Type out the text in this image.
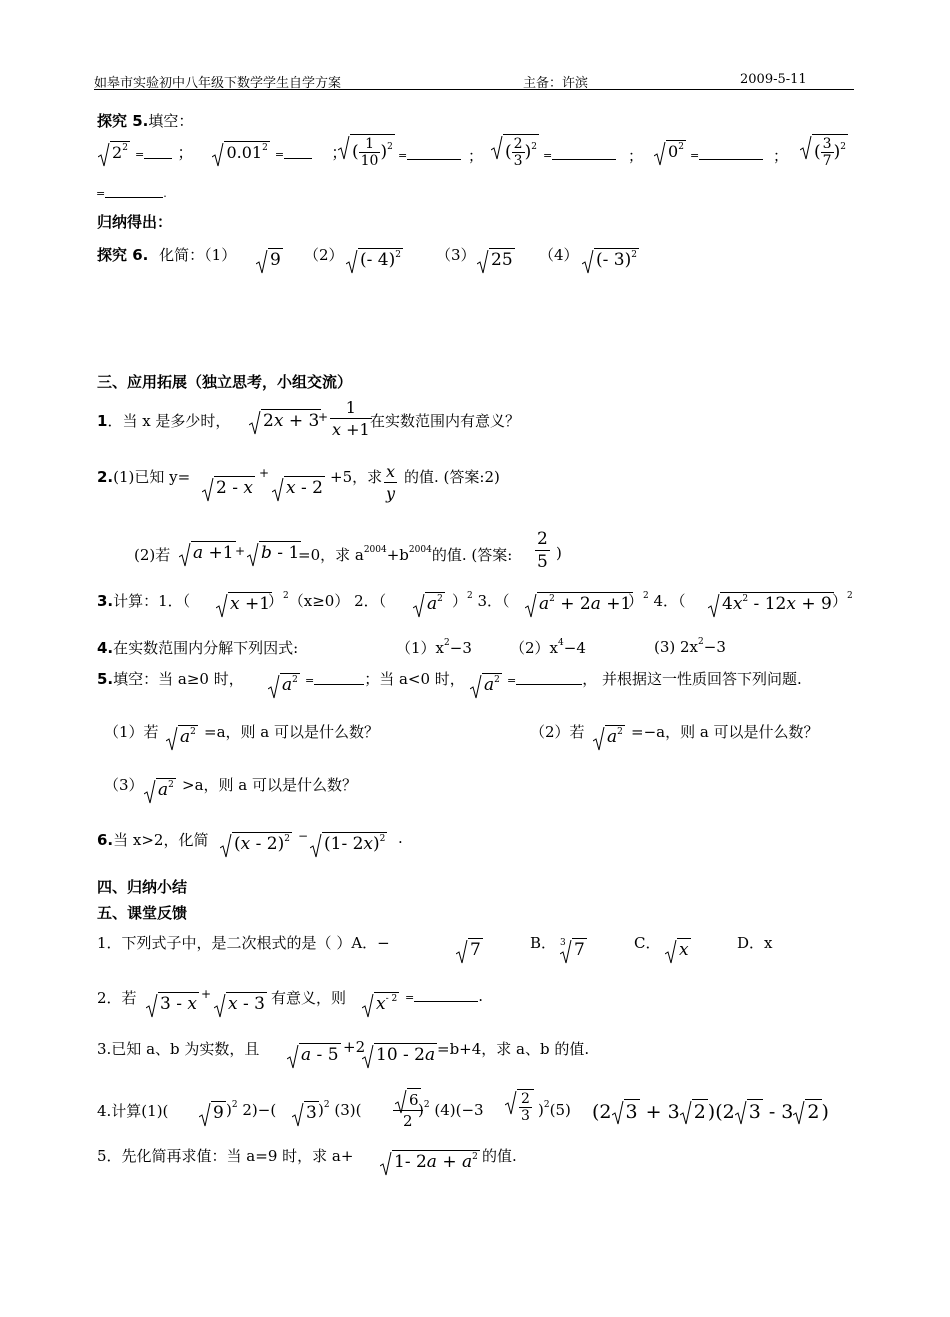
如皋市实验初中八年级下数学学生自学方案	主备：许滨	2009-5-11
探究 5.填空：
$2^2$ = ； $0.01^2$ =	； ( $\frac{1}{10} )^2$
=	；	( $\frac{2}{3} )^2$
=	；	$0^2$
=	；	( $\frac{3}{7} )^2$
=	.
归纳得出：
探究 6. 化简：（1）	9 （2） (- 4)$^2$ （3） 25 （4）	(- 3)$^2$
三、应用拓展（独立思考，小组交流）
1．当 x 是多少时，	2x + 3
+ $\frac{1}{x +1}$
在实数范围内有意义？
2.(1)已知 y=
2 - x
+
x - 2
+5，求 $\frac{x}{y}$ 的值. (答案:2)
(2)若	a +1 + b - 1
=0，求 $a^{2004}+b^{2004}$的值. (答案: $\frac{2}{5}$ )
3.计算：1．（	x +1
）$^2$（x≥0） 2．（	$a^2$ ）$^2$ 3．（	$a^2 + 2a +1$
）$^2$ 4．（	$4x^2 - 12x + 9$ ）$^2$
4.在实数范围内分解下列因式:	$(1)x^2-3$	$(2)x^4-4$	(3) $2x^2-3$
5.填空：当 a≥0 时，	$a^2$ =	；当 a<0 时，	$a^2$ =	， 并根据这一性质回答下列问题.
（1）若	$a^2 =a$，则 a 可以是什么数？	（2）若	$a^2 =-a$，则 a 可以是什么数？
（3） $a^2 >a$，则 a 可以是什么数？
6.当 x>2，化简	(x - 2)$^2$ − (1- 2x)$^2$ .
四、归纳小结
五、课堂反馈
1．下列式子中，是二次根式的是（ ）A．−	7	B． 3 7	C．	x	D．x
2．若	3 - x + x - 3 有意义，则	$x^{- 2}$ =	.
3.已知 a、b 为实数，且	a - 5 +2 10 - 2a =b+4，求 a、b 的值.
4.计算(1)(	9 )$^2$ 2)−(	3 )$^2$ $(3)( \frac{6}{2}$
)$^2$ (4)(−3	$\frac{2}{3} )^2(5)$ (2 3 + 3 2 )(2 3 - 3 2 )
5．先化简再求值：当 a=9 时，求 a+	1- $2a + a^2$ 的值.
